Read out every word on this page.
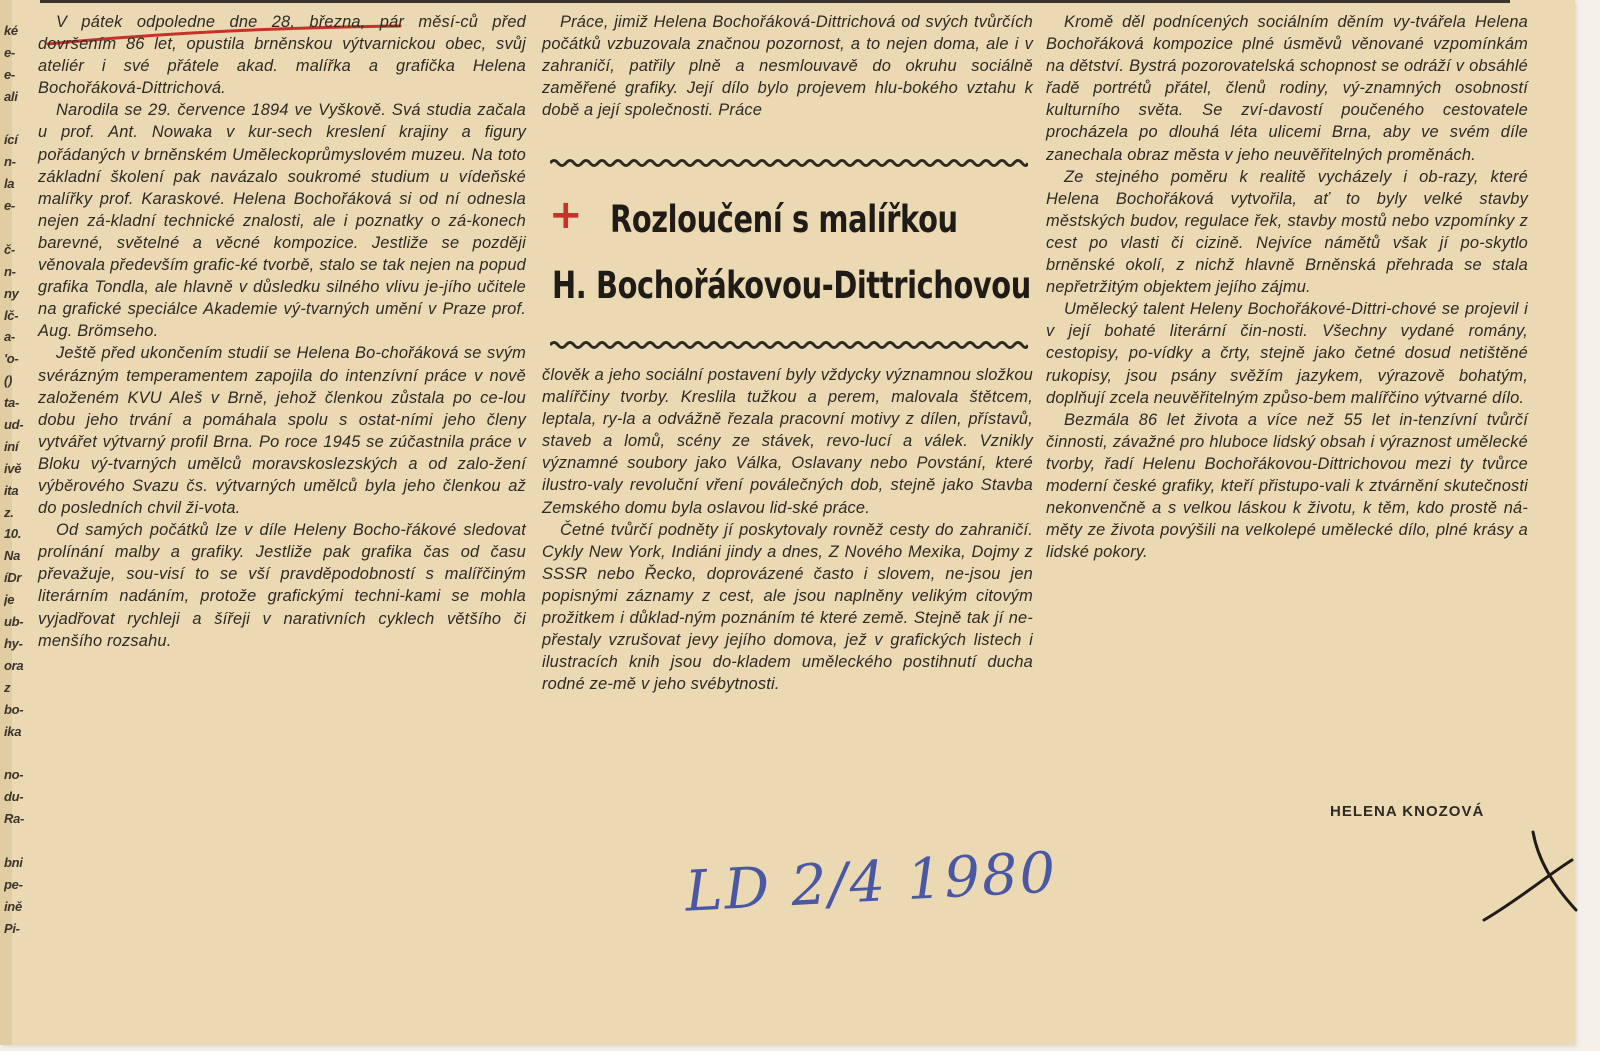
ké
e-
e-
ali
ící
n-
la
e-
č-
n-
ny
lč-
a-
'o-
()
ta-
ud-
iní
ivě
ita
z.
10.
Na
íDr
je
ub-
hy-
ora
z
bo-
ika
no-
du-
Ra-
bni
pe-
ině
Pi-

V pátek odpoledne dne 28. března, pár měsí-ců před dovršením 86 let, opustila brněnskou výtvarnickou obec, svůj ateliér i své přátele akad. malířka a grafička Helena Bochořáková-Dittrichová.

Narodila se 29. července 1894 ve Vyškově. Svá studia začala u prof. Ant. Nowaka v kur-sech kreslení krajiny a figury pořádaných v brněnském Uměleckoprůmyslovém muzeu. Na toto základní školení pak navázalo soukromé studium u vídeňské malířky prof. Karaskové. Helena Bochořáková si od ní odnesla nejen zá-kladní technické znalosti, ale i poznatky o zá-konech barevné, světelné a věcné kompozice. Jestliže se později věnovala především grafic-ké tvorbě, stalo se tak nejen na popud grafika Tondla, ale hlavně v důsledku silného vlivu je-jího učitele na grafické speciálce Akademie vý-tvarných umění v Praze prof. Aug. Brömseho.

Ještě před ukončením studií se Helena Bo-chořáková se svým svérázným temperamentem zapojila do intenzívní práce v nově založeném KVU Aleš v Brně, jehož členkou zůstala po ce-lou dobu jeho trvání a pomáhala spolu s ostat-ními jeho členy vytvářet výtvarný profil Brna. Po roce 1945 se zúčastnila práce v Bloku vý-tvarných umělců moravskoslezských a od zalo-žení výběrového Svazu čs. výtvarných umělců byla jeho členkou až do posledních chvil ži-vota.

Od samých počátků lze v díle Heleny Bocho-řákové sledovat prolínání malby a grafiky. Jestliže pak grafika čas od času převažuje, sou-visí to se vší pravděpodobností s malířčiným literárním nadáním, protože grafickými techni-kami se mohla vyjadřovat rychleji a šířeji v narativních cyklech většího či menšího rozsahu.

Práce, jimiž Helena Bochořáková-Dittrichová od svých tvůrčích počátků vzbuzovala značnou pozornost, a to nejen doma, ale i v zahraničí, patřily plně a nesmlouvavě do okruhu sociálně zaměřené grafiky. Její dílo bylo projevem hlu-bokého vztahu k době a její společnosti. Práce

+ Rozloučení s malířkou
H. Bochořákovou-Dittrichovou

člověk a jeho sociální postavení byly vždycky významnou složkou malířčiny tvorby. Kreslila tužkou a perem, malovala štětcem, leptala, ry-la a odvážně řezala pracovní motivy z dílen, přístavů, staveb a lomů, scény ze stávek, revo-lucí a válek. Vznikly významné soubory jako Válka, Oslavany nebo Povstání, které ilustro-valy revoluční vření poválečných dob, stejně jako Stavba Zemského domu byla oslavou lid-ské práce.

Četné tvůrčí podněty jí poskytovaly rovněž cesty do zahraničí. Cykly New York, Indiáni jindy a dnes, Z Nového Mexika, Dojmy z SSSR nebo Řecko, doprovázené často i slovem, ne-jsou jen popisnými záznamy z cest, ale jsou naplněny velikým citovým prožitkem i důklad-ným poznáním té které země. Stejně tak jí ne-přestaly vzrušovat jevy jejího domova, jež v grafických listech i ilustracích knih jsou do-kladem uměleckého postihnutí ducha rodné ze-mě v jeho svébytnosti.

Kromě děl podnícených sociálním děním vy-tvářela Helena Bochořáková kompozice plné úsměvů věnované vzpomínkám na dětství. Bystrá pozorovatelská schopnost se odráží v obsáhlé řadě portrétů přátel, členů rodiny, vý-znamných osobností kulturního světa. Se zví-davostí poučeného cestovatele procházela po dlouhá léta ulicemi Brna, aby ve svém díle zanechala obraz města v jeho neuvěřitelných proměnách.

Ze stejného poměru k realitě vycházely i ob-razy, které Helena Bochořáková vytvořila, ať to byly velké stavby městských budov, regulace řek, stavby mostů nebo vzpomínky z cest po vlasti či cizině. Nejvíce námětů však jí po-skytlo brněnské okolí, z nichž hlavně Brněnská přehrada se stala nepřetržitým objektem jejího zájmu.

Umělecký talent Heleny Bochořákové-Dittri-chové se projevil i v její bohaté literární čin-nosti. Všechny vydané romány, cestopisy, po-vídky a črty, stejně jako četné dosud netištěné rukopisy, jsou psány svěžím jazykem, výrazově bohatým, doplňují zcela neuvěřitelným způso-bem malířčino výtvarné dílo.

Bezmála 86 let života a více než 55 let in-tenzívní tvůrčí činnosti, závažné pro hluboce lidský obsah i výraznost umělecké tvorby, řadí Helenu Bochořákovou-Dittrichovou mezi ty tvůrce moderní české grafiky, kteří přistupo-vali k ztvárnění skutečnosti nekonvenčně a s velkou láskou k životu, k těm, kdo prostě ná-měty ze života povýšili na velkolepé umělecké dílo, plné krásy a lidské pokory.

HELENA KNOZOVÁ
LD 2/4 1980
